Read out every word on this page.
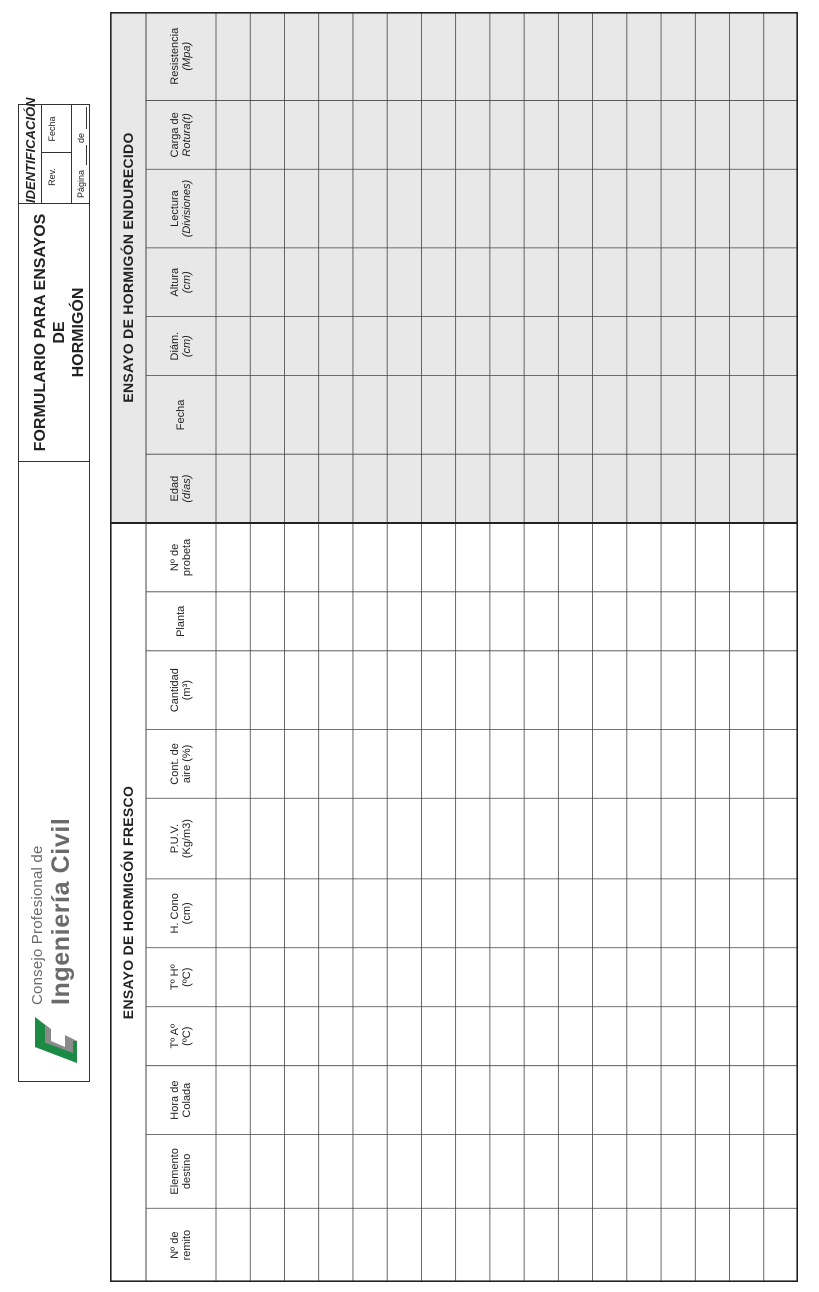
Consejo Profesional de Ingeniería Civil
FORMULARIO PARA ENSAYOS DE HORMIGÓN
IDENTIFICACIÓN Rev.
Fecha
Página
de
ENSAYO DE HORMIGÓN FRESCO
ENSAYO DE HORMIGÓN ENDURECIDO
Nº de remito
Elemento destino
Hora de Colada
Tº Aº (ºC)
Tº Hº (ºC)
H. Cono (cm)
P.U.V. (Kg/m3)
Cont. de aire (%)
Cantidad (m³)
Planta
Nº de probeta
Edad (días)
Fecha
Diám. (cm)
Altura (cm)
Lectura (Divisiones)
Carga de Rotura(t)
Resistencia (Mpa)
